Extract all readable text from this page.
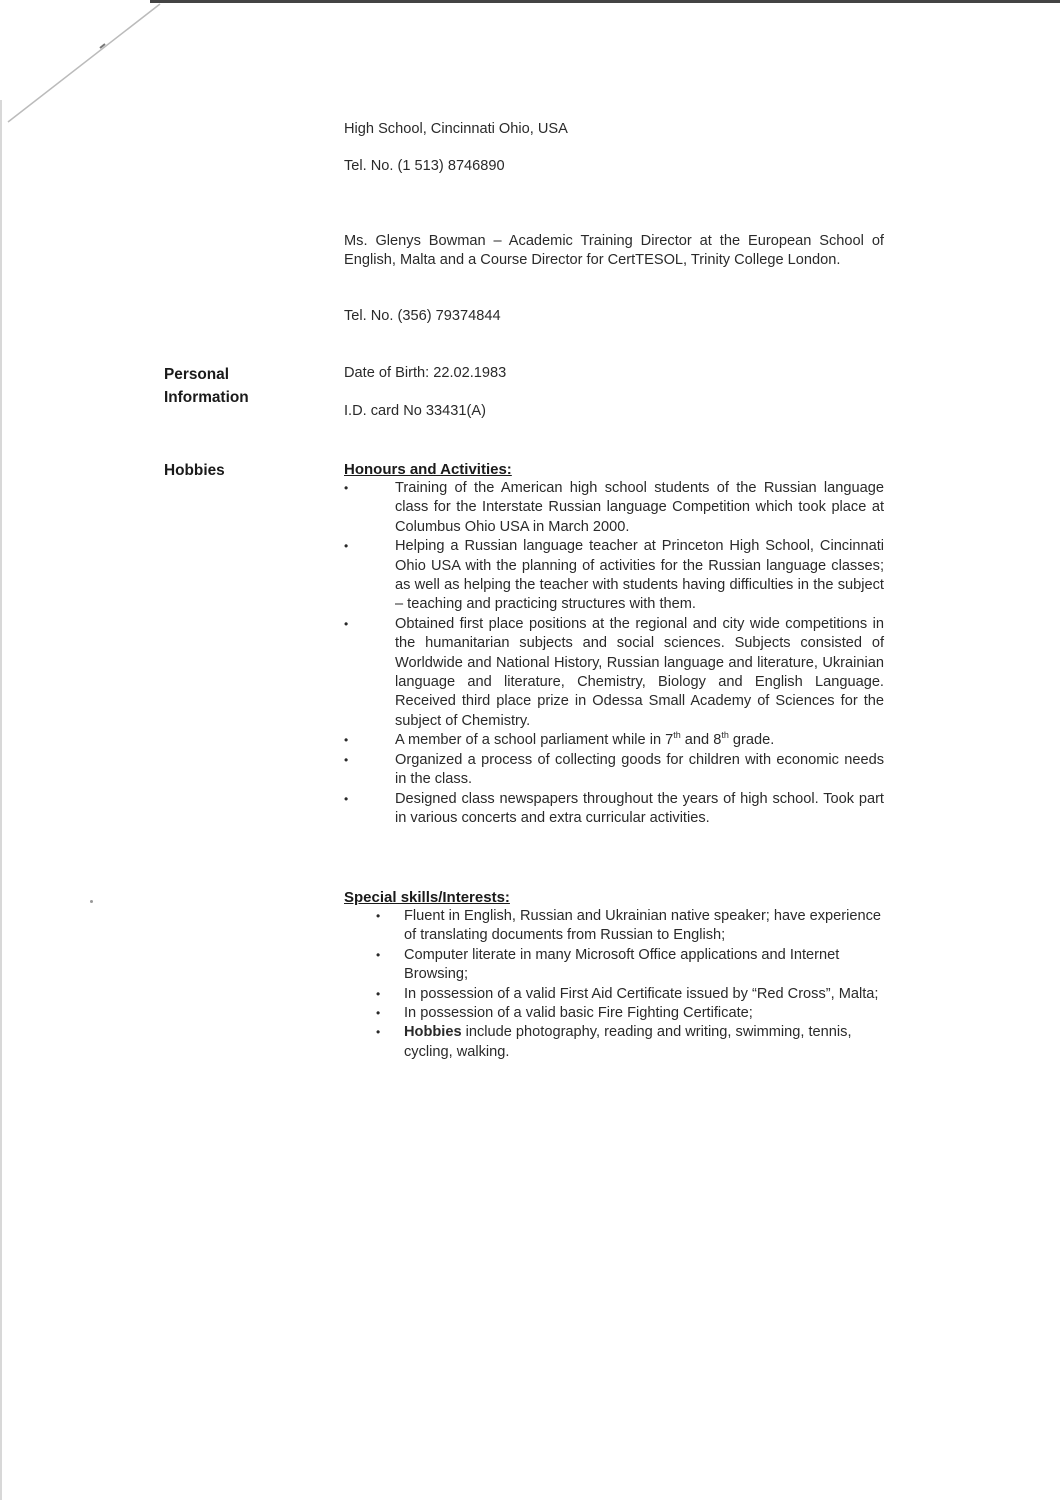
High School, Cincinnati Ohio, USA
Tel. No. (1 513) 8746890
Ms. Glenys Bowman – Academic Training Director at the European School of English, Malta and a Course Director for CertTESOL, Trinity College London.
Tel. No. (356) 79374844
Personal
Information
Date of Birth: 22.02.1983
I.D. card No 33431(A)
Hobbies	Honours and Activities:

•	Training of the American high school students of the Russian language class for the Interstate Russian language Competition which took place at Columbus Ohio USA in March 2000.
•	Helping a Russian language teacher at Princeton High School, Cincinnati Ohio USA with the planning of activities for the Russian language classes; as well as helping the teacher with students having difficulties in the subject – teaching and practicing structures with them.
•	Obtained first place positions at the regional and city wide competitions in the humanitarian subjects and social sciences. Subjects consisted of Worldwide and National History, Russian language and literature, Ukrainian language and literature, Chemistry, Biology and English Language. Received third place prize in Odessa Small Academy of Sciences for the subject of Chemistry.
•	A member of a school parliament while in 7th and 8th grade.
•	Organized a process of collecting goods for children with economic needs in the class.
•	Designed class newspapers throughout the years of high school. Took part in various concerts and extra curricular activities.

Special skills/Interests:

• Fluent in English, Russian and Ukrainian native speaker; have experience of translating documents from Russian to English;
• Computer literate in many Microsoft Office applications and Internet Browsing;
• In possession of a valid First Aid Certificate issued by “Red Cross”, Malta;
• In possession of a valid basic Fire Fighting Certificate;
• Hobbies include photography, reading and writing, swimming, tennis, cycling, walking.
